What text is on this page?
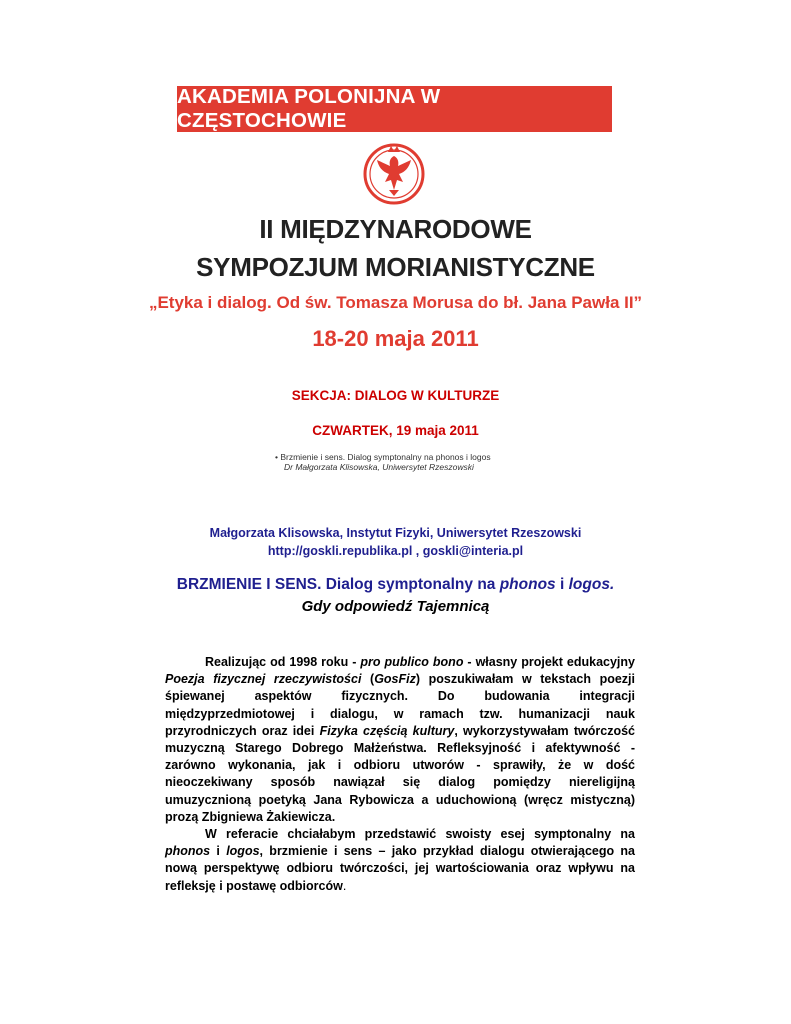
AKADEMIA POLONIJNA W CZĘSTOCHOWIE
II MIĘDZYNARODOWE
SYMPOZJUM MORIANISTYCZNE
„Etyka i dialog. Od św. Tomasza Morusa do bł. Jana Pawła II”
18-20 maja 2011
SEKCJA: DIALOG W KULTURZE
CZWARTEK, 19 maja 2011
• Brzmienie i sens. Dialog symptonalny na phonos i logos
Dr Małgorzata Klisowska, Uniwersytet Rzeszowski
Małgorzata Klisowska, Instytut Fizyki, Uniwersytet Rzeszowski
http://goskli.republika.pl , goskli@interia.pl
BRZMIENIE I SENS. Dialog symptonalny na phonos i logos.
Gdy odpowiedź Tajemnicą

Realizując od 1998 roku - pro publico bono - własny projekt edukacyjny Poezja fizycznej rzeczywistości (GosFiz) poszukiwałam w tekstach poezji śpiewanej aspektów fizycznych. Do budowania integracji międzyprzedmiotowej i dialogu, w ramach tzw. humanizacji nauk przyrodniczych oraz idei Fizyka częścią kultury, wykorzystywałam twórczość muzyczną Starego Dobrego Małżeństwa. Refleksyjność i afektywność - zarówno wykonania, jak i odbioru utworów - sprawiły, że w dość nieoczekiwany sposób nawiązał się dialog pomiędzy niereligijną umuzycznioną poetyką Jana Rybowicza a uduchowioną (wręcz mistyczną) prozą Zbigniewa Żakiewicza.

W referacie chciałabym przedstawić swoisty esej symptonalny na phonos i logos, brzmienie i sens – jako przykład dialogu otwierającego na nową perspektywę odbioru twórczości, jej wartościowania oraz wpływu na refleksję i postawę odbiorców.
